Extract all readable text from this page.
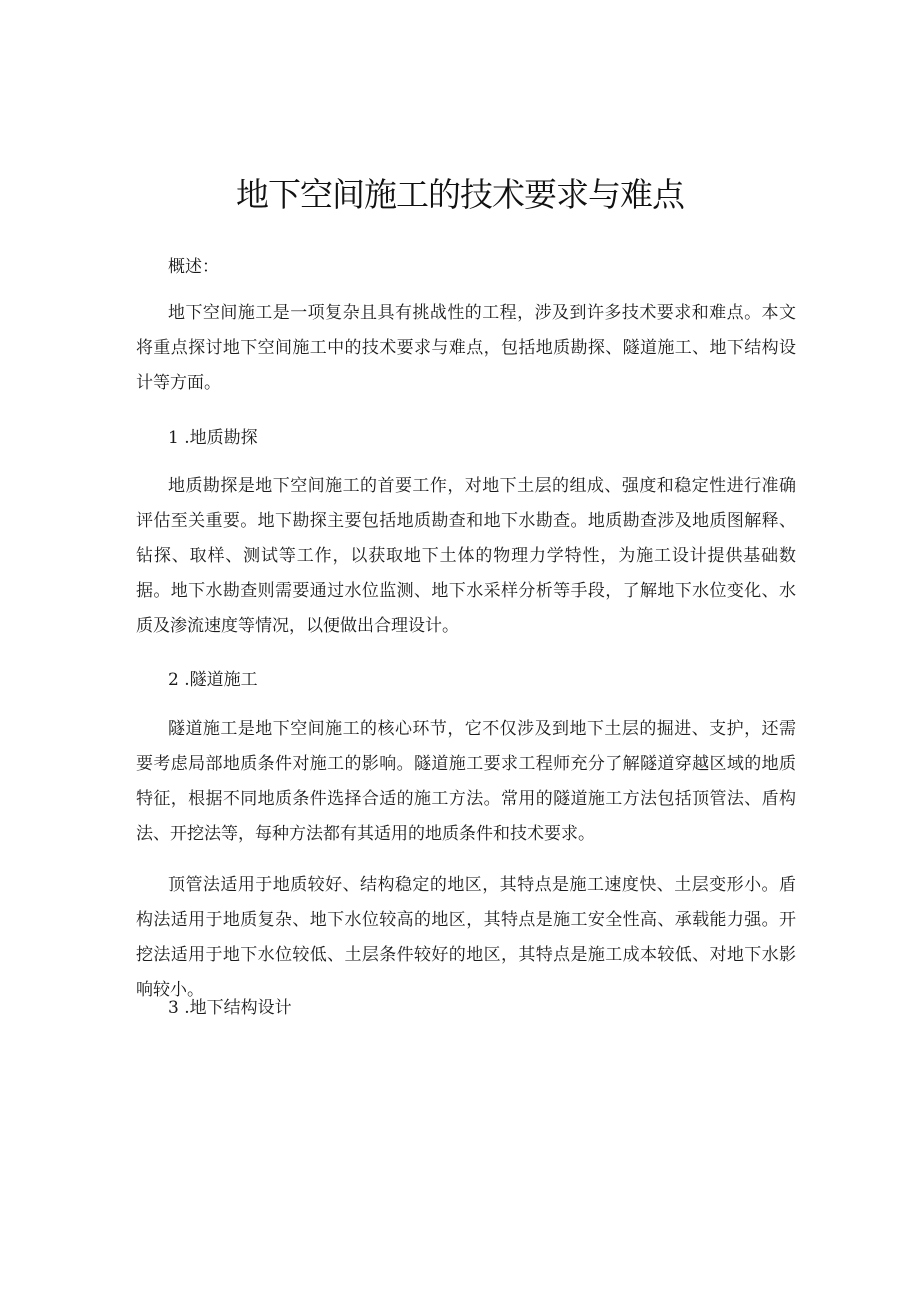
地下空间施工的技术要求与难点

概述：

地下空间施工是一项复杂且具有挑战性的工程，涉及到许多技术要求和难点。本文将重点探讨地下空间施工中的技术要求与难点，包括地质勘探、隧道施工、地下结构设计等方面。

1 .地质勘探

地质勘探是地下空间施工的首要工作，对地下土层的组成、强度和稳定性进行准确评估至关重要。地下勘探主要包括地质勘查和地下水勘查。地质勘查涉及地质图解释、钻探、取样、测试等工作，以获取地下土体的物理力学特性，为施工设计提供基础数据。地下水勘查则需要通过水位监测、地下水采样分析等手段，了解地下水位变化、水质及渗流速度等情况，以便做出合理设计。

2 .隧道施工

隧道施工是地下空间施工的核心环节，它不仅涉及到地下土层的掘进、支护，还需要考虑局部地质条件对施工的影响。隧道施工要求工程师充分了解隧道穿越区域的地质特征，根据不同地质条件选择合适的施工方法。常用的隧道施工方法包括顶管法、盾构法、开挖法等，每种方法都有其适用的地质条件和技术要求。

顶管法适用于地质较好、结构稳定的地区，其特点是施工速度快、土层变形小。盾构法适用于地质复杂、地下水位较高的地区，其特点是施工安全性高、承载能力强。开挖法适用于地下水位较低、土层条件较好的地区，其特点是施工成本较低、对地下水影响较小。

3 .地下结构设计
